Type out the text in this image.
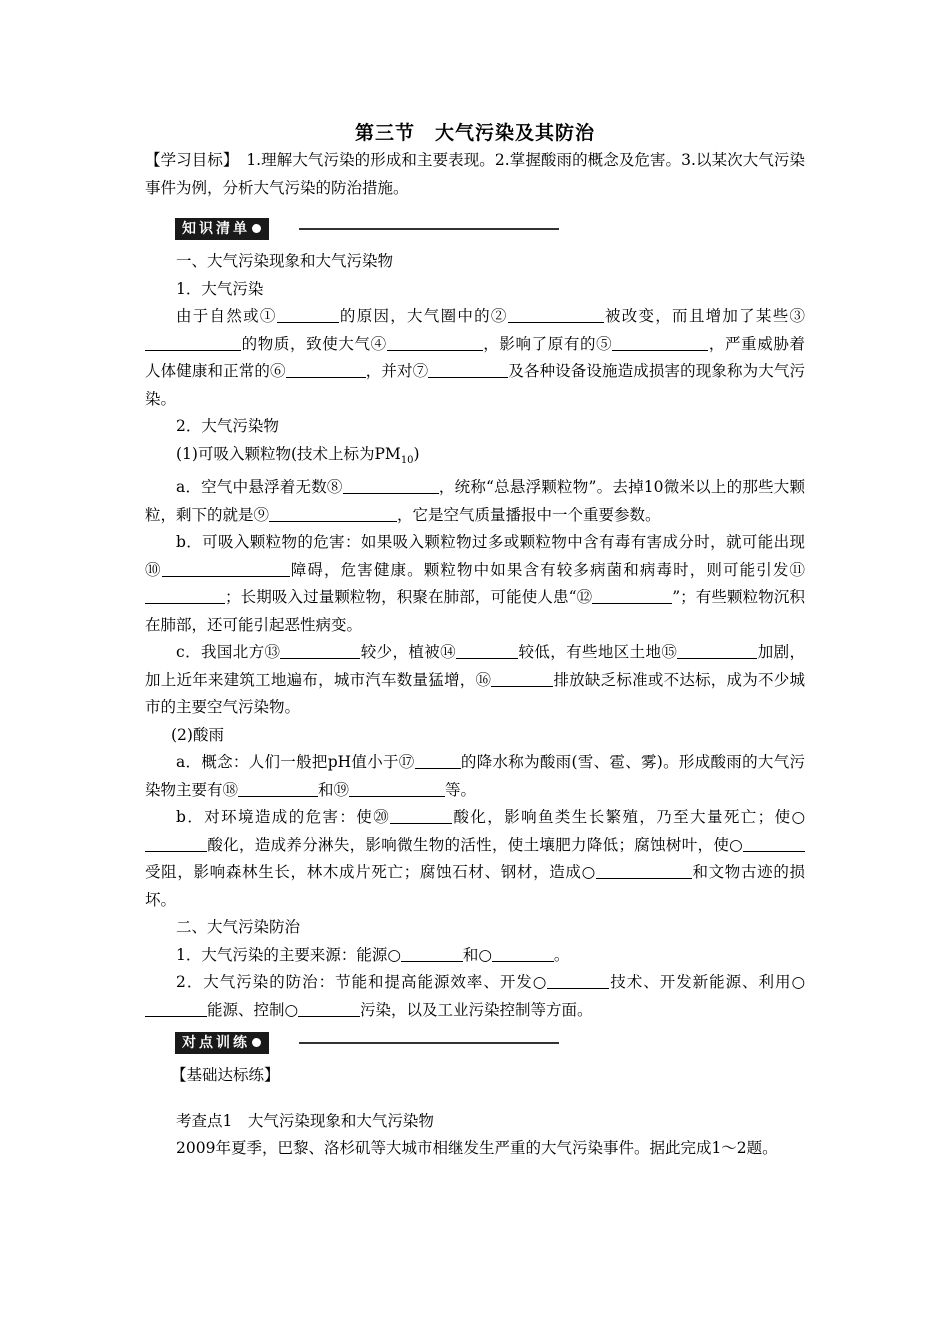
第三节　大气污染及其防治

【学习目标】　1.理解大气污染的形成和主要表现。2.掌握酸雨的概念及危害。3.以某次大气污染事件为例，分析大气污染的防治措施。

知识清单

一、大气污染现象和大气污染物

1．大气污染

由于自然或①	的原因，大气圈中的②	被改变，而且增加了某些③的物质，致使大气④	，影响了原有的⑤	，严重威胁着人体健康和正常的⑥	，并对⑦	及各种设备设施造成损害的现象称为大气污染。

2．大气污染物

(1)可吸入颗粒物(技术上标为$PM_{10}$)

a．空气中悬浮着无数⑧	，统称“总悬浮颗粒物”。去掉10微米以上的那些大颗粒，剩下的就是⑨	，它是空气质量播报中一个重要参数。

b．可吸入颗粒物的危害：如果吸入颗粒物过多或颗粒物中含有毒有害成分时，就可能出现⑩	障碍，危害健康。颗粒物中如果含有较多病菌和病毒时，则可能引发⑪；长期吸入过量颗粒物，积聚在肺部，可能使人患“⑫	”；有些颗粒物沉积在肺部，还可能引起恶性病变。

c．我国北方⑬	较少，植被⑭	较低，有些地区土地⑮	加剧，加上近年来建筑工地遍布，城市汽车数量猛增，⑯	排放缺乏标准或不达标，成为不少城市的主要空气污染物。

(2)酸雨

a．概念：人们一般把pH值小于⑰	的降水称为酸雨(雪、雹、雾)。形成酸雨的大气污染物主要有⑱	和⑲	等。

b．对环境造成的危害：使⑳	酸化，影响鱼类生长繁殖，乃至大量死亡；使○酸化，造成养分淋失，影响微生物的活性，使土壤肥力降低；腐蚀树叶，使○受阻，影响森林生长，林木成片死亡；腐蚀石材、钢材，造成○	和文物古迹的损坏。

二、大气污染防治

1．大气污染的主要来源：能源○	和○	。

2．大气污染的防治：节能和提高能源效率、开发○	技术、开发新能源、利用○能源、控制○	污染，以及工业污染控制等方面。

对点训练

【基础达标练】

考查点1　大气污染现象和大气污染物

2009年夏季，巴黎、洛杉矶等大城市相继发生严重的大气污染事件。据此完成1～2题。
